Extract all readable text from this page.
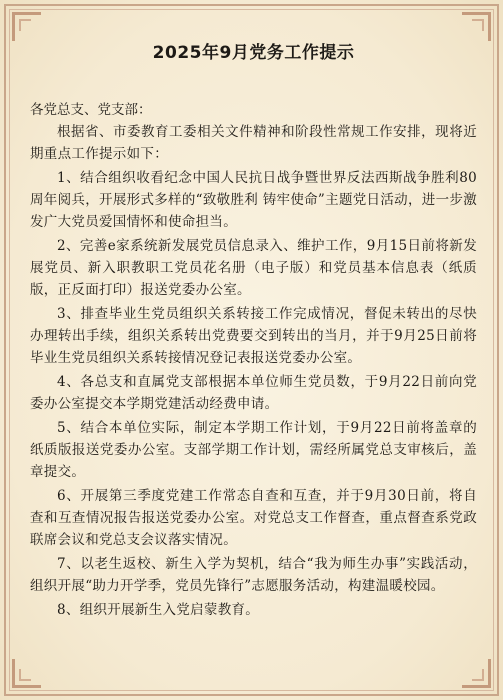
2025年9月党务工作提示

各党总支、党支部：

根据省、市委教育工委相关文件精神和阶段性常规工作安排，现将近期重点工作提示如下：

1、结合组织收看纪念中国人民抗日战争暨世界反法西斯战争胜利80周年阅兵，开展形式多样的“致敬胜利 铸牢使命”主题党日活动，进一步激发广大党员爱国情怀和使命担当。

2、完善e家系统新发展党员信息录入、维护工作，9月15日前将新发展党员、新入职教职工党员花名册（电子版）和党员基本信息表（纸质版，正反面打印）报送党委办公室。

3、排查毕业生党员组织关系转接工作完成情况，督促未转出的尽快办理转出手续，组织关系转出党费要交到转出的当月，并于9月25日前将毕业生党员组织关系转接情况登记表报送党委办公室。

4、各总支和直属党支部根据本单位师生党员数，于9月22日前向党委办公室提交本学期党建活动经费申请。

5、结合本单位实际，制定本学期工作计划，于9月22日前将盖章的纸质版报送党委办公室。支部学期工作计划，需经所属党总支审核后，盖章提交。

6、开展第三季度党建工作常态自查和互查，并于9月30日前，将自查和互查情况报告报送党委办公室。对党总支工作督查，重点督查系党政联席会议和党总支会议落实情况。

7、以老生返校、新生入学为契机，结合“我为师生办事”实践活动，组织开展“助力开学季，党员先锋行”志愿服务活动，构建温暖校园。

8、组织开展新生入党启蒙教育。
